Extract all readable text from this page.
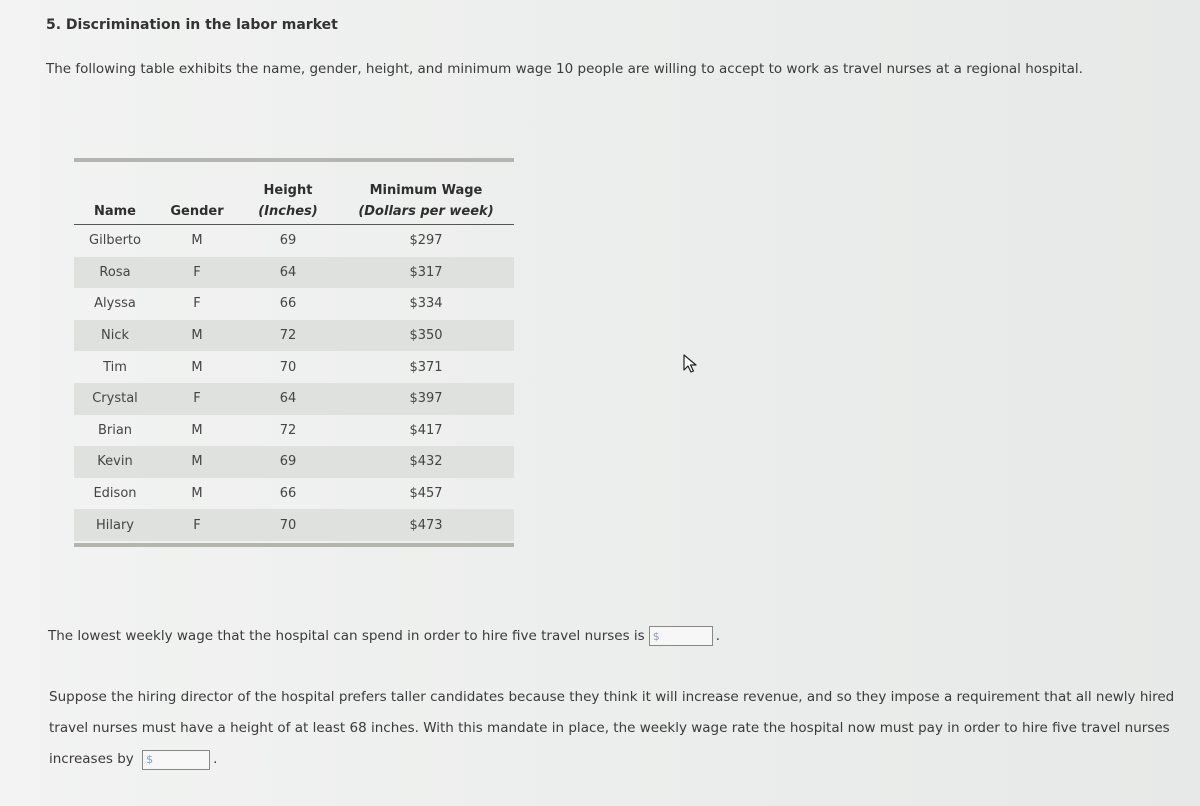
5. Discrimination in the labor market
The following table exhibits the name, gender, height, and minimum wage 10 people are willing to accept to work as travel nurses at a regional hospital.
		Height	Minimum Wage
Name	Gender	(Inches)	(Dollars per week)
Gilberto	M	69	$297
Rosa	F	64	$317
Alyssa	F	66	$334
Nick	M	72	$350
Tim	M	70	$371
Crystal	F	64	$397
Brian	M	72	$417
Kevin	M	69	$432
Edison	M	66	$457
Hilary	F	70	$473
The lowest weekly wage that the hospital can spend in order to hire five travel nurses is $	.
Suppose the hiring director of the hospital prefers taller candidates because they think it will increase revenue, and so they impose a requirement that all newly hired travel nurses must have a height of at least 68 inches. With this mandate in place, the weekly wage rate the hospital now must pay in order to hire five travel nurses increases by $	.
